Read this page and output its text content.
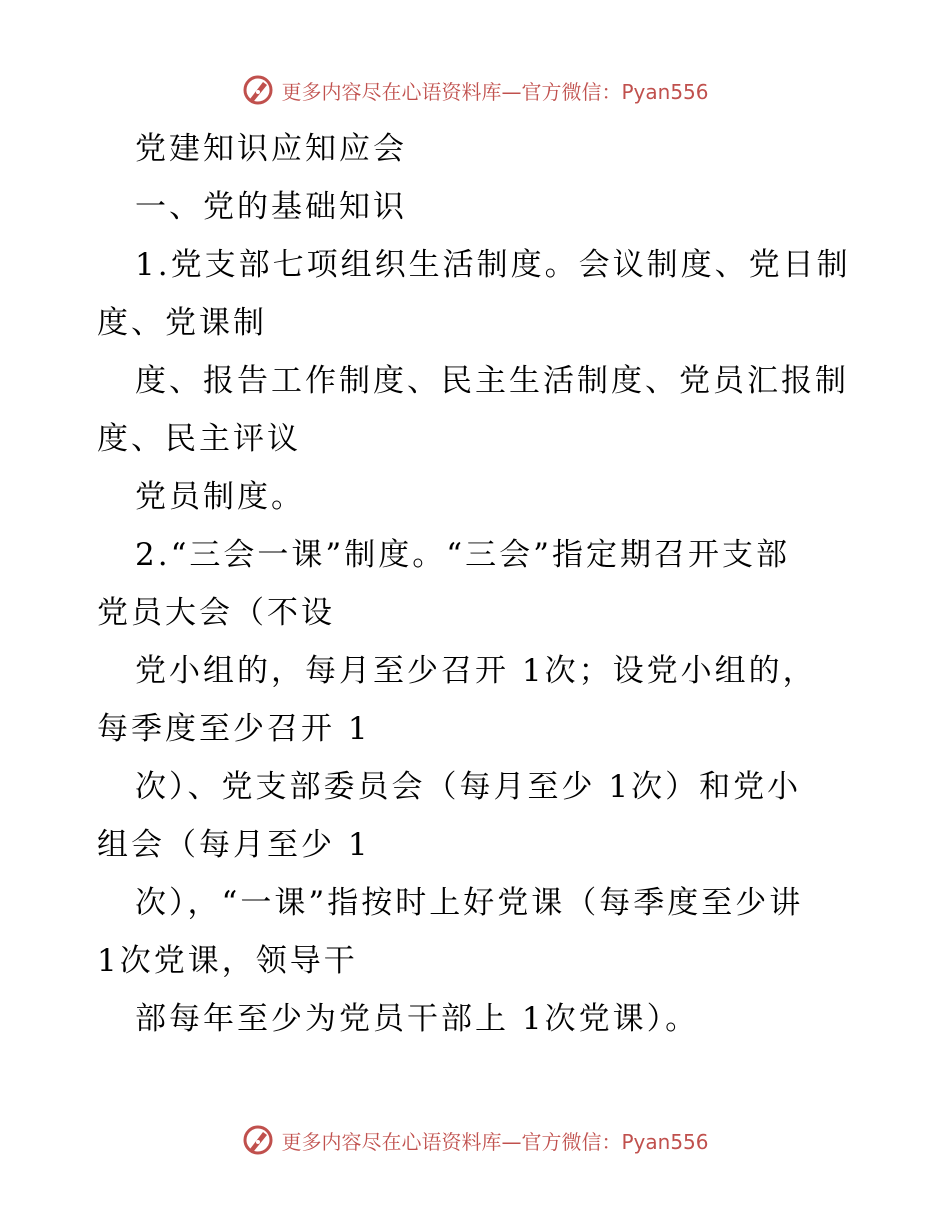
更多内容尽在心语资料库—官方微信：Pyan556
党建知识应知应会
一、党的基础知识
1.党支部七项组织生活制度。会议制度、党日制
度、党课制
度、报告工作制度、民主生活制度、党员汇报制
度、民主评议
党员制度。
2.“三会一课”制度。“三会”指定期召开支部
党员大会（不设
党小组的，每月至少召开 1次；设党小组的，
每季度至少召开 1
次）、党支部委员会（每月至少 1次）和党小
组会（每月至少 1
次），“一课”指按时上好党课（每季度至少讲
1次党课，领导干
部每年至少为党员干部上 1次党课）。
更多内容尽在心语资料库—官方微信：Pyan556
